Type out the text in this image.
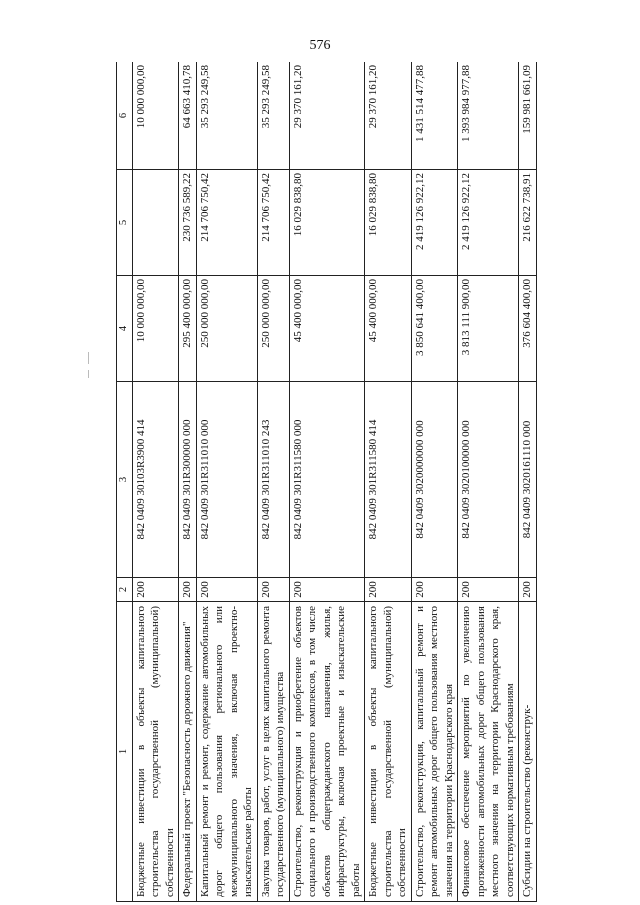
576
1	2	3	4	5	6
Бюджетные инвестиции в объекты капитального строительства государственной (муниципальной) собственности	200	842 0409 30103R3900 414	10 000 000,00		10 000 000,00
Федеральный проект "Безопасность дорожного движения"	200	842 0409 301R300000 000	295 400 000,00	230 736 589,22	64 663 410,78
Капитальный ремонт и ремонт, содержание автомобильных дорог общего пользования регионального или межмуниципального значения, включая проектно-изыскательские работы	200	842 0409 301R311010 000	250 000 000,00	214 706 750,42	35 293 249,58
Закупка товаров, работ, услуг в целях капитального ремонта государственного (муниципального) имущества	200	842 0409 301R311010 243	250 000 000,00	214 706 750,42	35 293 249,58
Строительство, реконструкция и приобретение объектов социального и производственного комплексов, в том числе объектов общегражданского назначения, жилья, инфраструктуры, включая проектные и изыскательские работы	200	842 0409 301R311580 000	45 400 000,00	16 029 838,80	29 370 161,20
Бюджетные инвестиции в объекты капитального строительства государственной (муниципальной) собственности	200	842 0409 301R311580 414	45 400 000,00	16 029 838,80	29 370 161,20
Строительство, реконструкция, капитальный ремонт и ремонт автомобильных дорог общего пользования местного значения на территории Краснодарского края	200	842 0409 3020000000 000	3 850 641 400,00	2 419 126 922,12	1 431 514 477,88
Финансовое обеспечение мероприятий по увеличению протяженности автомобильных дорог общего пользования местного значения на территории Краснодарского края, соответствующих нормативным требованиям	200	842 0409 3020100000 000	3 813 111 900,00	2 419 126 922,12	1 393 984 977,88
Субсидии на строительство (реконструк-	200	842 0409 3020161110 000	376 604 400,00	216 622 738,91	159 981 661,09
